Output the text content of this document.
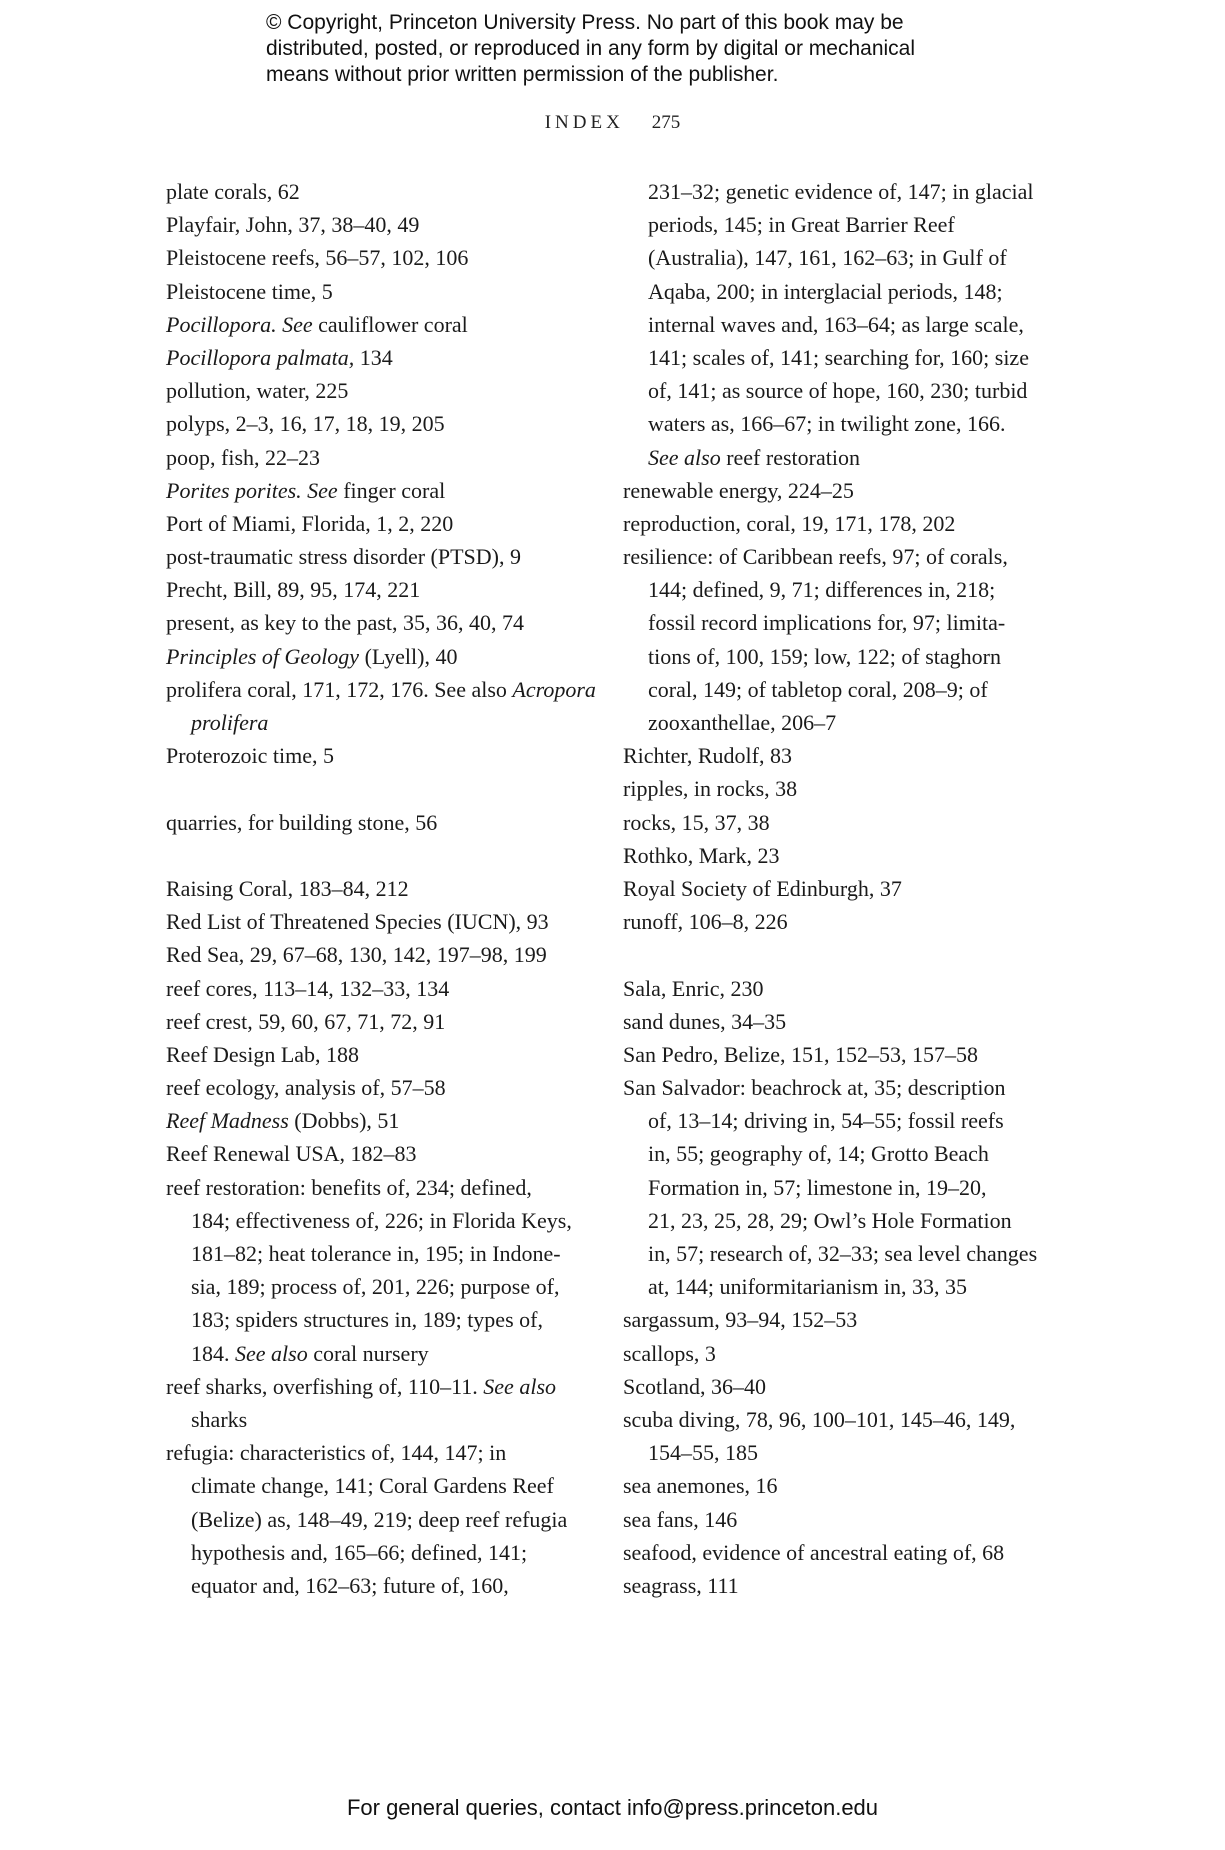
© Copyright, Princeton University Press. No part of this book may be
distributed, posted, or reproduced in any form by digital or mechanical
means without prior written permission of the publisher.
INDEX 275
plate corals, 62
Playfair, John, 37, 38–40, 49
Pleistocene reefs, 56–57, 102, 106
Pleistocene time, 5
Pocillopora. See cauliflower coral
Pocillopora palmata, 134
pollution, water, 225
polyps, 2–3, 16, 17, 18, 19, 205
poop, fish, 22–23
Porites porites. See finger coral
Port of Miami, Florida, 1, 2, 220
post-traumatic stress disorder (PTSD), 9
Precht, Bill, 89, 95, 174, 221
present, as key to the past, 35, 36, 40, 74
Principles of Geology (Lyell), 40
prolifera coral, 171, 172, 176. See also Acropora
prolifera
Proterozoic time, 5
quarries, for building stone, 56
Raising Coral, 183–84, 212
Red List of Threatened Species (IUCN), 93
Red Sea, 29, 67–68, 130, 142, 197–98, 199
reef cores, 113–14, 132–33, 134
reef crest, 59, 60, 67, 71, 72, 91
Reef Design Lab, 188
reef ecology, analysis of, 57–58
Reef Madness (Dobbs), 51
Reef Renewal USA, 182–83
reef restoration: benefits of, 234; defined,
184; effectiveness of, 226; in Florida Keys,
181–82; heat tolerance in, 195; in Indone-
sia, 189; process of, 201, 226; purpose of,
183; spiders structures in, 189; types of,
184. See also coral nursery
reef sharks, overfishing of, 110–11. See also
sharks
refugia: characteristics of, 144, 147; in
climate change, 141; Coral Gardens Reef
(Belize) as, 148–49, 219; deep reef refugia
hypothesis and, 165–66; defined, 141;
equator and, 162–63; future of, 160,
231–32; genetic evidence of, 147; in glacial
periods, 145; in Great Barrier Reef
(Australia), 147, 161, 162–63; in Gulf of
Aqaba, 200; in interglacial periods, 148;
internal waves and, 163–64; as large scale,
141; scales of, 141; searching for, 160; size
of, 141; as source of hope, 160, 230; turbid
waters as, 166–67; in twilight zone, 166.
See also reef restoration
renewable energy, 224–25
reproduction, coral, 19, 171, 178, 202
resilience: of Caribbean reefs, 97; of corals,
144; defined, 9, 71; differences in, 218;
fossil record implications for, 97; limita-
tions of, 100, 159; low, 122; of staghorn
coral, 149; of tabletop coral, 208–9; of
zooxanthellae, 206–7
Richter, Rudolf, 83
ripples, in rocks, 38
rocks, 15, 37, 38
Rothko, Mark, 23
Royal Society of Edinburgh, 37
runoff, 106–8, 226
Sala, Enric, 230
sand dunes, 34–35
San Pedro, Belize, 151, 152–53, 157–58
San Salvador: beachrock at, 35; description
of, 13–14; driving in, 54–55; fossil reefs
in, 55; geography of, 14; Grotto Beach
Formation in, 57; limestone in, 19–20,
21, 23, 25, 28, 29; Owl’s Hole Formation
in, 57; research of, 32–33; sea level changes
at, 144; uniformitarianism in, 33, 35
sargassum, 93–94, 152–53
scallops, 3
Scotland, 36–40
scuba diving, 78, 96, 100–101, 145–46, 149,
154–55, 185
sea anemones, 16
sea fans, 146
seafood, evidence of ancestral eating of, 68
seagrass, 111
For general queries, contact info@press.princeton.edu
